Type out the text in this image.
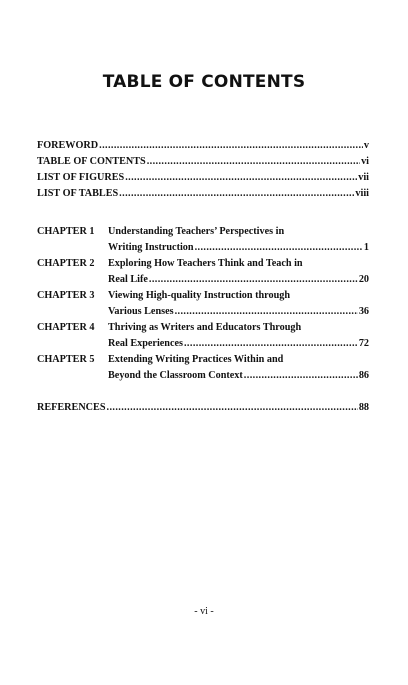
TABLE OF CONTENTS
FOREWORD .....	v
TABLE OF CONTENTS .....	vi
LIST OF FIGURES .....	vii
LIST OF TABLES .....	viii
CHAPTER 1	Understanding Teachers’ Perspectives in
Writing Instruction .....	1
CHAPTER 2	Exploring How Teachers Think and Teach in
Real Life .....	20
CHAPTER 3	Viewing High-quality Instruction through
Various Lenses .....	36
CHAPTER 4	Thriving as Writers and Educators Through
Real Experiences .....	72
CHAPTER 5	Extending Writing Practices Within and
Beyond the Classroom Context .....	86
REFERENCES .....	88
- vi -
